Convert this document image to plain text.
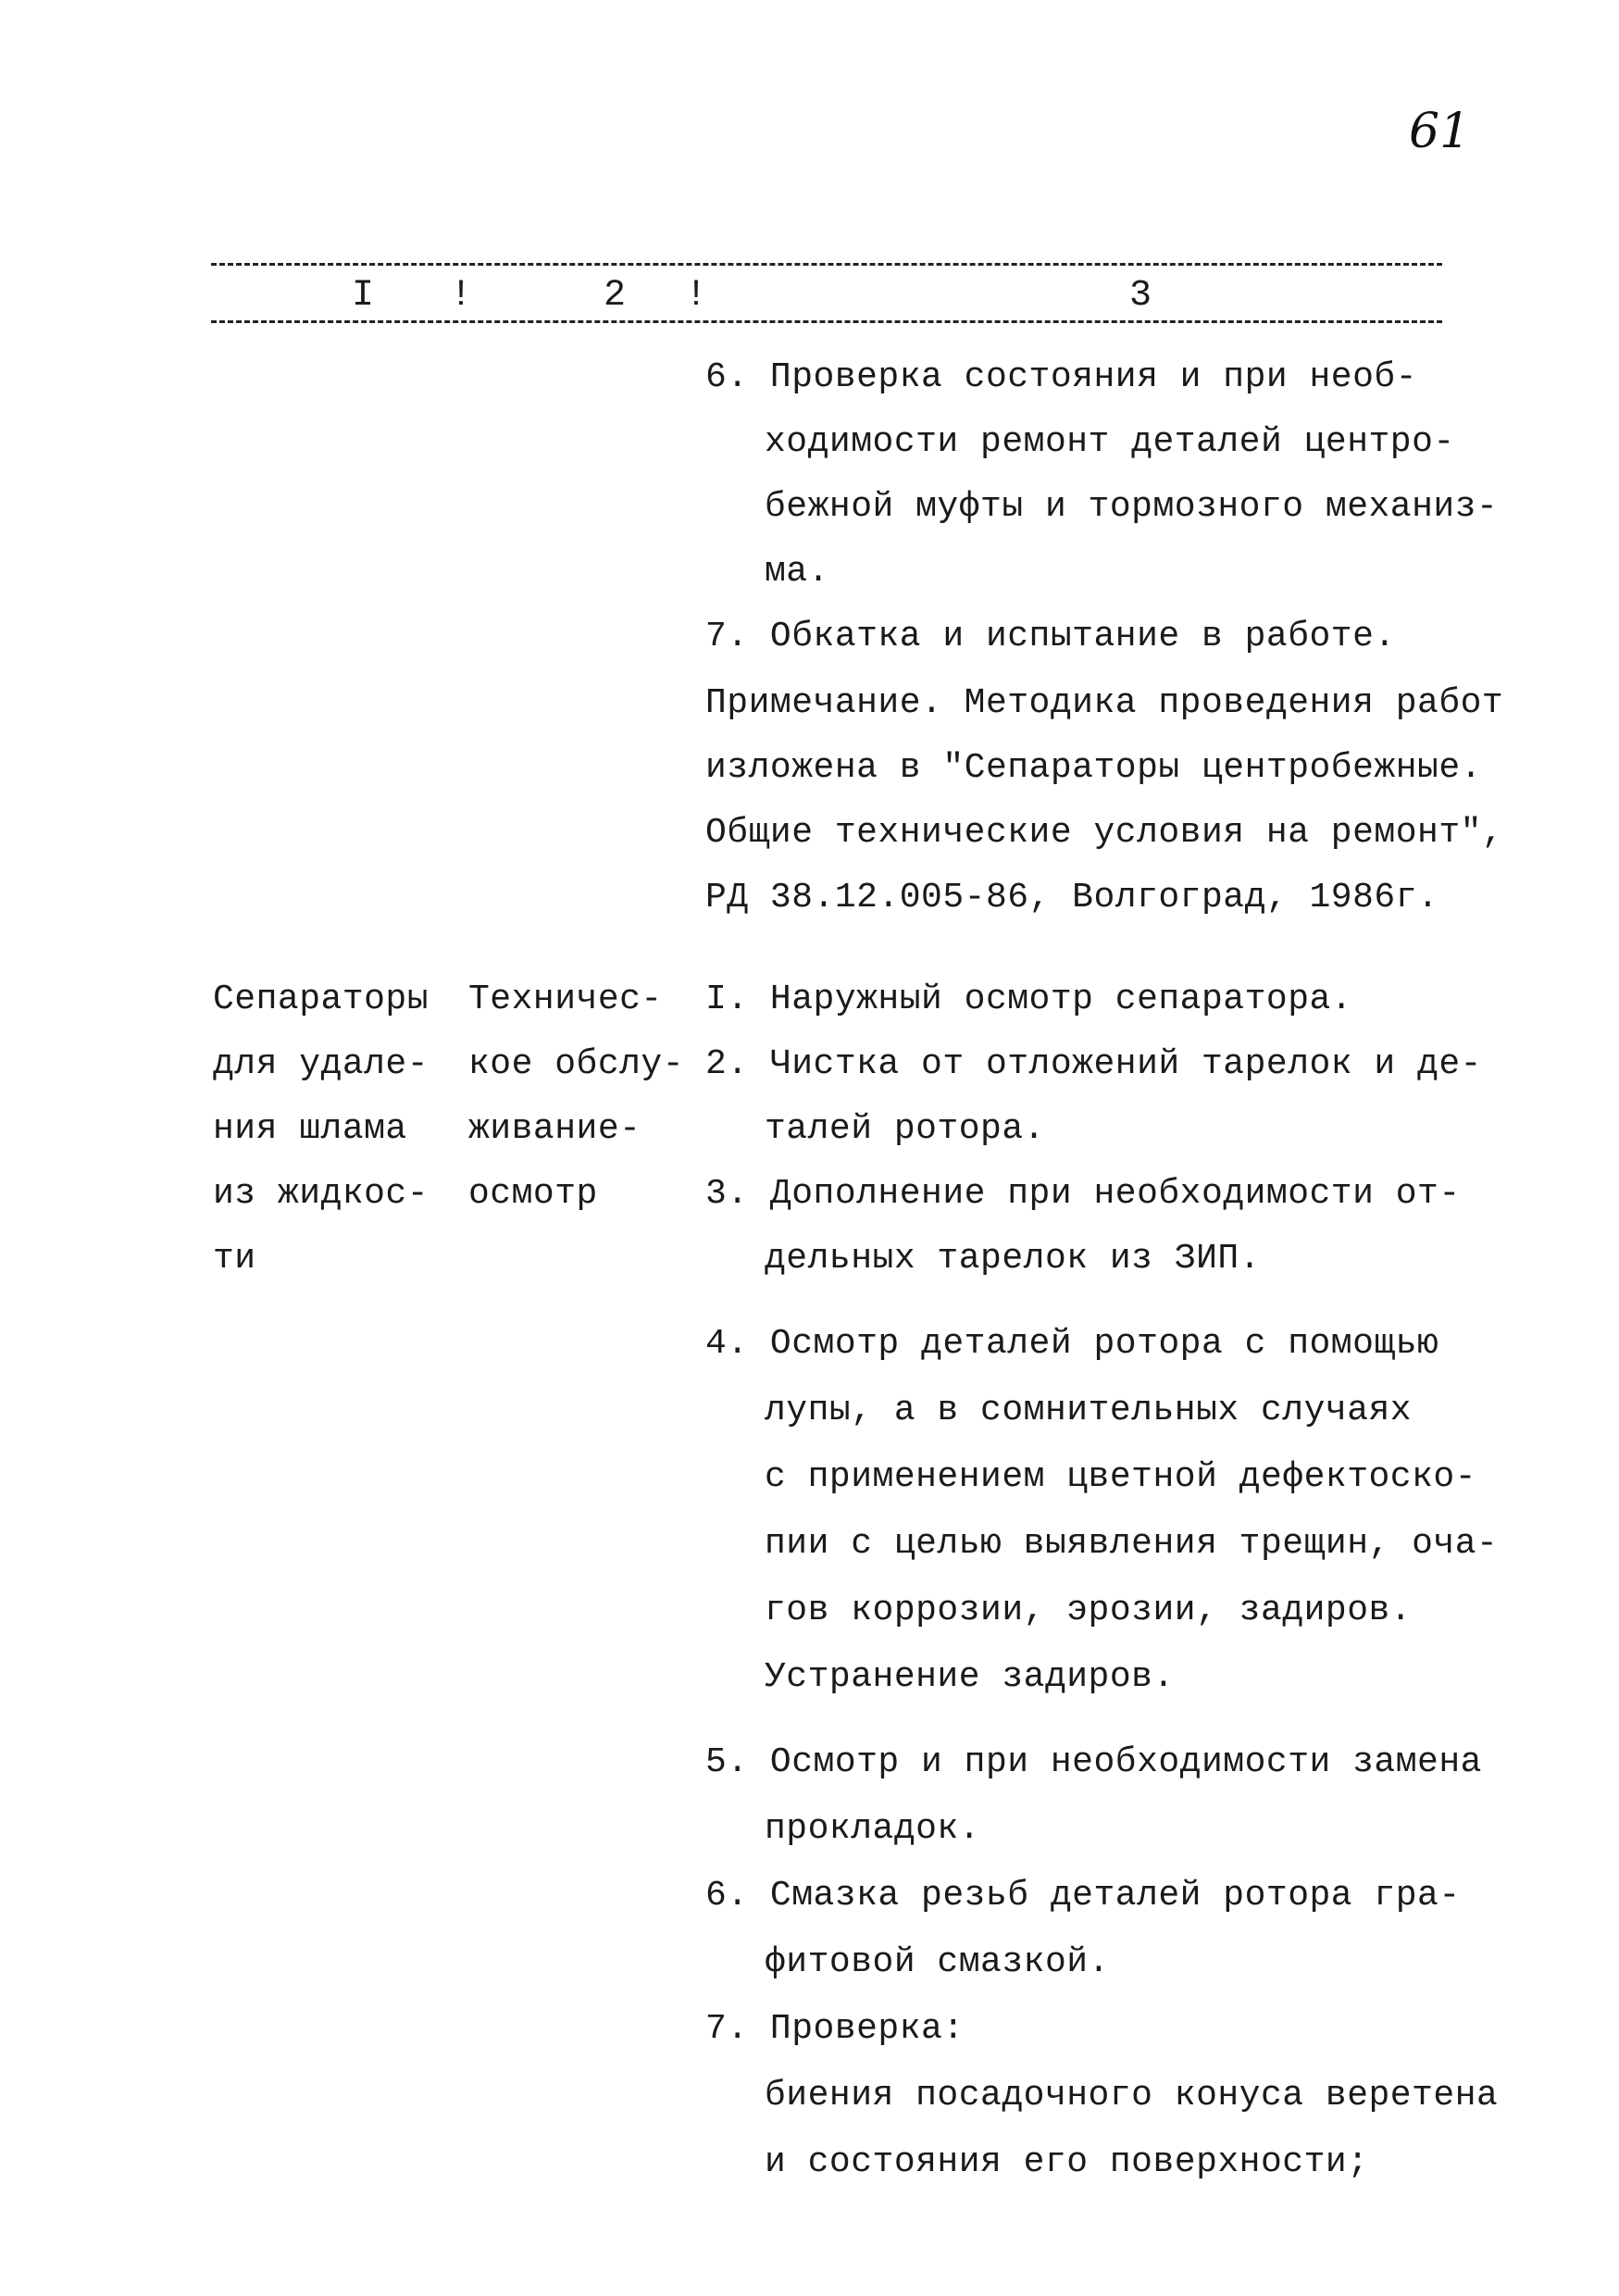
61
I !	2 !	3
6. Проверка состояния и при необ-
ходимости ремонт деталей центро-
бежной муфты и тормозного механиз-
ма.
7. Обкатка и испытание в работе.
Примечание. Методика проведения работ
изложена в "Сепараторы центробежные.
Общие технические условия на ремонт",
РД 38.12.005-86, Волгоград, 1986г.
Сепараторы
для удале-
ния шлама
из жидкос-
ти
Техничес-
кое обслу-
живание-
осмотр
I. Наружный осмотр сепаратора.
2. Чистка от отложений тарелок и де-
талей ротора.
3. Дополнение при необходимости от-
дельных тарелок из ЗИП.
4. Осмотр деталей ротора с помощью
лупы, а в сомнительных случаях
с применением цветной дефектоско-
пии с целью выявления трещин, оча-
гов коррозии, эрозии, задиров.
Устранение задиров.
5. Осмотр и при необходимости замена
прокладок.
6. Смазка резьб деталей ротора гра-
фитовой смазкой.
7. Проверка:
биения посадочного конуса веретена
и состояния его поверхности;
